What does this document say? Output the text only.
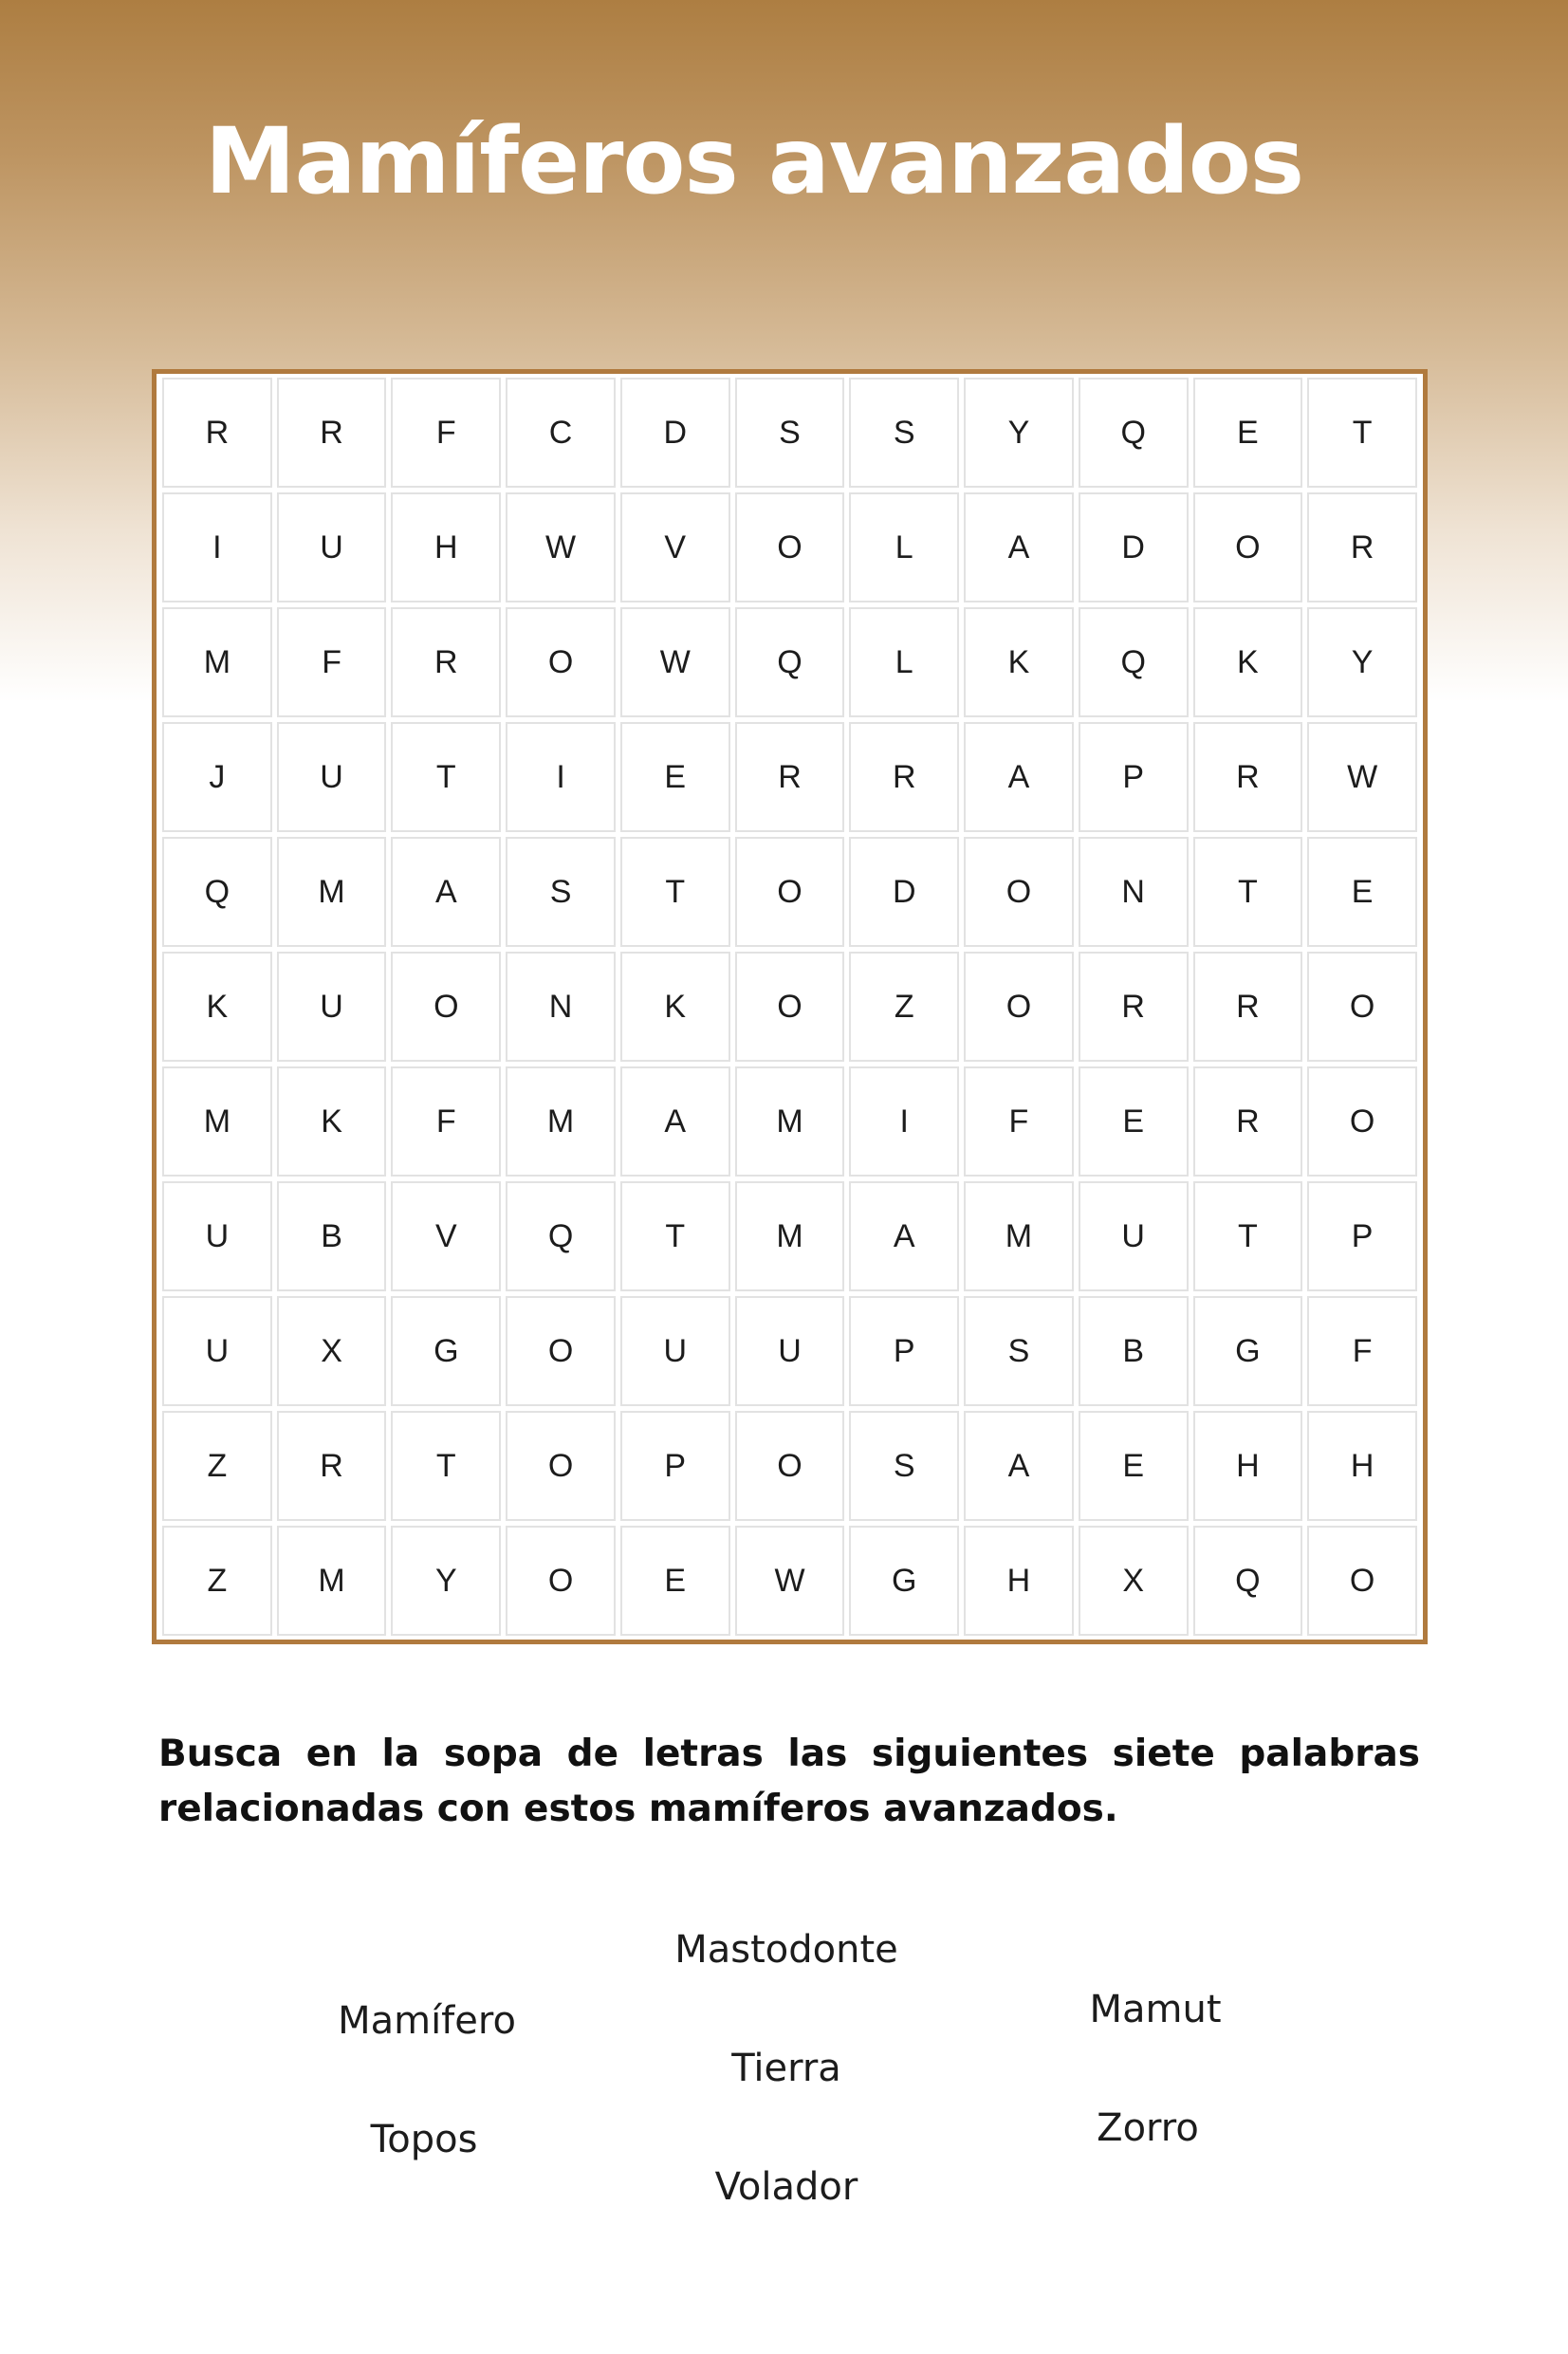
Mamíferos avanzados
R	R	F	C	D	S	S	Y	Q	E	T
I	U	H	W	V	O	L	A	D	O	R
M	F	R	O	W	Q	L	K	Q	K	Y
J	U	T	I	E	R	R	A	P	R	W
Q	M	A	S	T	O	D	O	N	T	E
K	U	O	N	K	O	Z	O	R	R	O
M	K	F	M	A	M	I	F	E	R	O
U	B	V	Q	T	M	A	M	U	T	P
U	X	G	O	U	U	P	S	B	G	F
Z	R	T	O	P	O	S	A	E	H	H
Z	M	Y	O	E	W	G	H	X	Q	O

Busca en la sopa de letras las siguientes siete palabras relacionadas con estos mamíferos avanzados.

Mastodonte
Mamífero	Mamut
Tierra
Topos	Zorro
Volador
